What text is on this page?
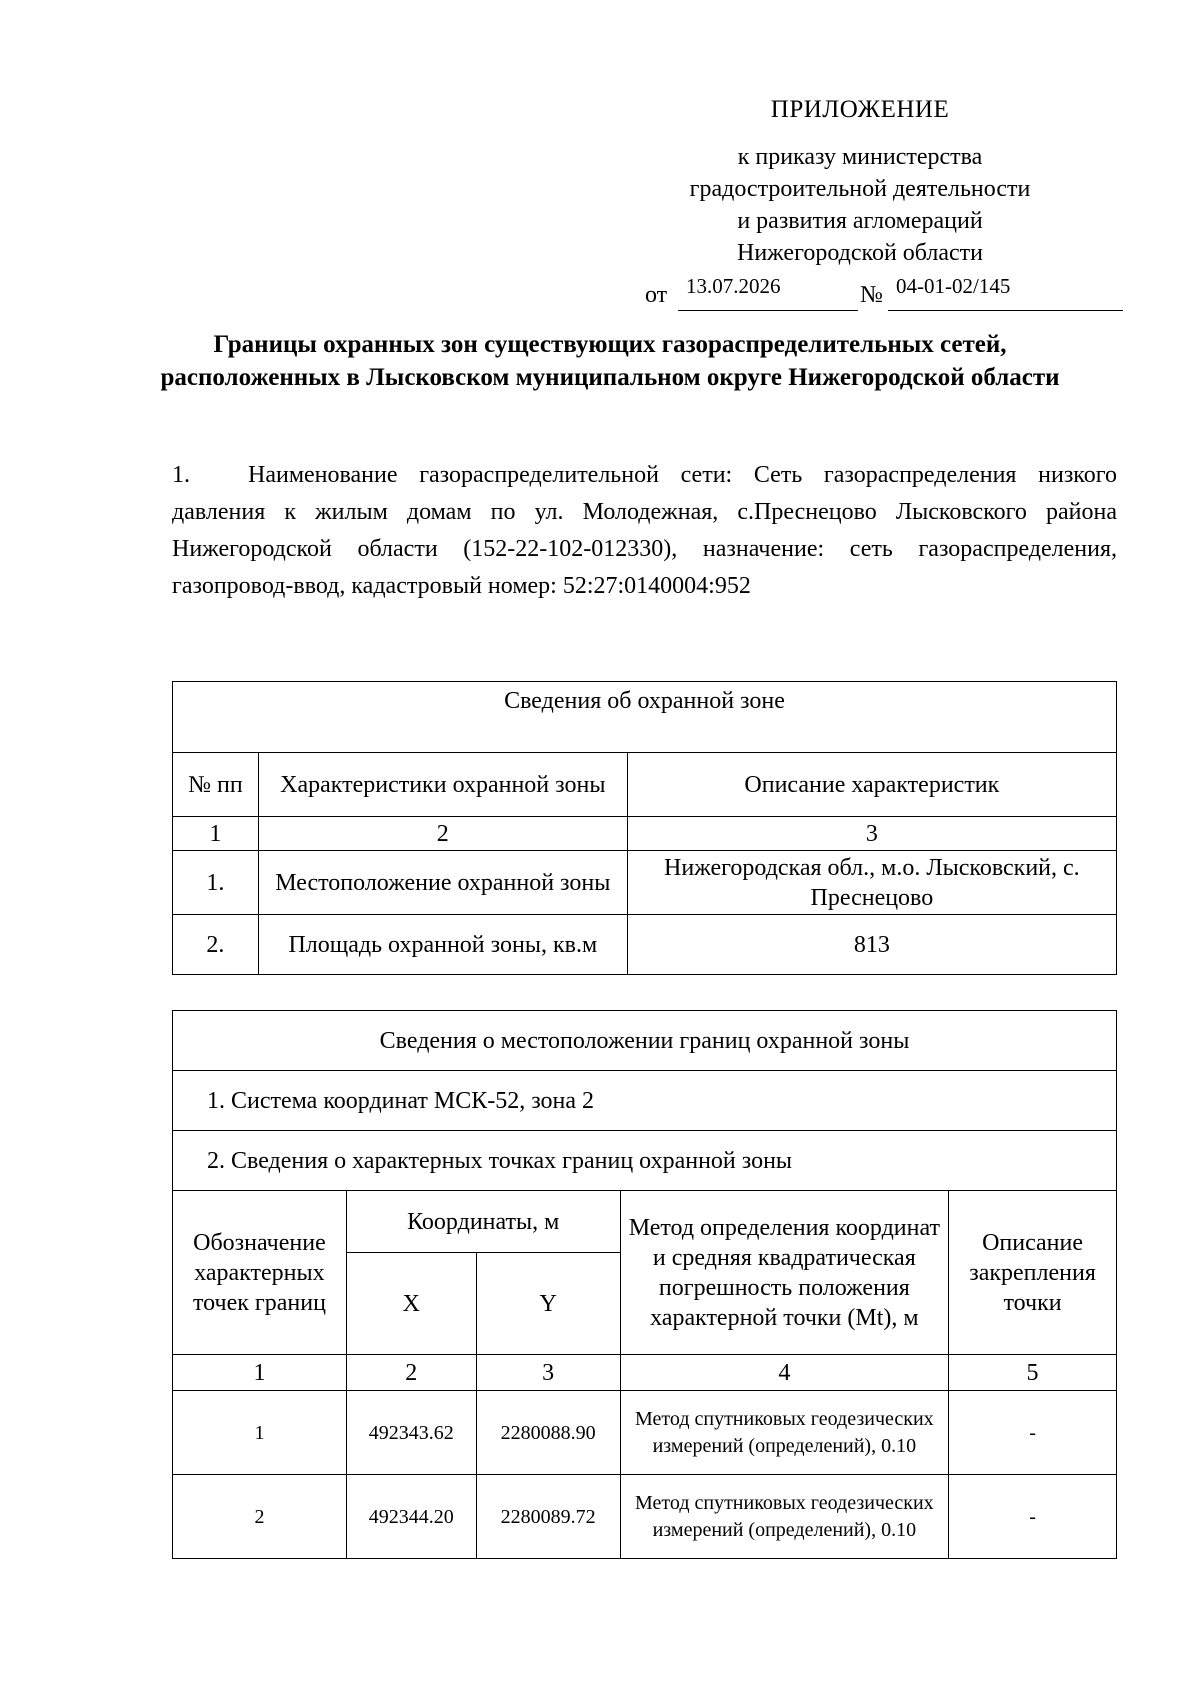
ПРИЛОЖЕНИЕ
к приказу министерства
градостроительной деятельности
и развития агломераций
Нижегородской области
от 13.07.2026	№ 04-01-02/145
Границы охранных зон существующих газораспределительных сетей, расположенных в Лысковском муниципальном округе Нижегородской области
1. Наименование газораспределительной сети: Сеть газораспределения низкого давления к жилым домам по ул. Молодежная, с.Преснецово Лысковского района Нижегородской области (152-22-102-012330), назначение: сеть газораспределения, газопровод-ввод, кадастровый номер: 52:27:0140004:952
Сведения об охранной зоне		
№ пп	Характеристики охранной зоны	Описание характеристик
1	2	3
1.	Местоположение охранной зоны	Нижегородская обл., м.о. Лысковский, с. Преснецово
2.	Площадь охранной зоны, кв.м	813
Сведения о местоположении границ охранной зоны				
1. Система координат МСК-52, зона 2				
2. Сведения о характерных точках границ охранной зоны				
Обозначение характерных точек границ	Координаты, м		Метод определения координат и средняя квадратическая погрешность положения характерной точки (Mt), м	Описание закрепления точки
	X	Y		
1	2	3	4	5
1	492343.62	2280088.90	Метод спутниковых геодезических измерений (определений), 0.10	-
2	492344.20	2280089.72	Метод спутниковых геодезических измерений (определений), 0.10	-
